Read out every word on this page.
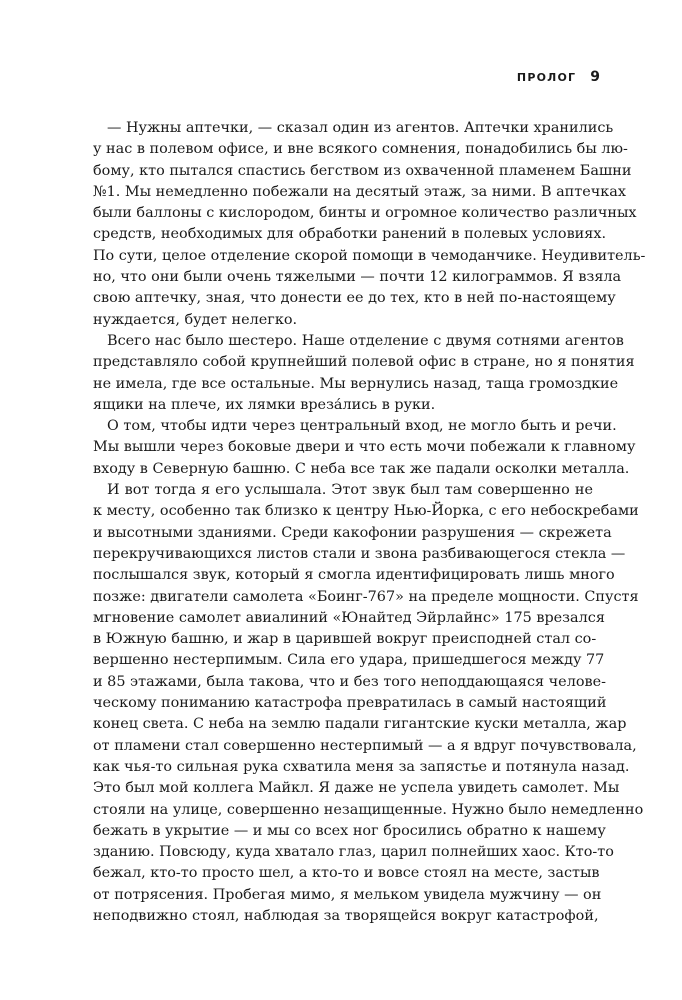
ПРОЛОГ 9
— Нужны аптечки, — сказал один из агентов. Аптечки хранились
у нас в полевом офисе, и вне всякого сомнения, понадобились бы лю-
бому, кто пытался спастись бегством из охваченной пламенем Башни
№1. Мы немедленно побежали на десятый этаж, за ними. В аптечках
были баллоны с кислородом, бинты и огромное количество различных
средств, необходимых для обработки ранений в полевых условиях.
По сути, целое отделение скорой помощи в чемоданчике. Неудивитель-
но, что они были очень тяжелыми — почти 12 килограммов. Я взяла
свою аптечку, зная, что донести ее до тех, кто в ней по-настоящему
нуждается, будет нелегко.
Всего нас было шестеро. Наше отделение с двумя сотнями агентов
представляло собой крупнейший полевой офис в стране, но я понятия
не имела, где все остальные. Мы вернулись назад, таща громоздкие
ящики на плече, их лямки вреза́лись в руки.
О том, чтобы идти через центральный вход, не могло быть и речи.
Мы вышли через боковые двери и что есть мочи побежали к главному
входу в Северную башню. С неба все так же падали осколки металла.
И вот тогда я его услышала. Этот звук был там совершенно не
к месту, особенно так близко к центру Нью-Йорка, с его небоскребами
и высотными зданиями. Среди какофонии разрушения — скрежета
перекручивающихся листов стали и звона разбивающегося стекла —
послышался звук, который я смогла идентифицировать лишь много
позже: двигатели самолета «Боинг-767» на пределе мощности. Спустя
мгновение самолет авиалиний «Юнайтед Эйрлайнс» 175 врезался
в Южную башню, и жар в царившей вокруг преисподней стал со-
вершенно нестерпимым. Сила его удара, пришедшегося между 77
и 85 этажами, была такова, что и без того неподдающаяся челове-
ческому пониманию катастрофа превратилась в самый настоящий
конец света. С неба на землю падали гигантские куски металла, жар
от пламени стал совершенно нестерпимый — а я вдруг почувствовала,
как чья-то сильная рука схватила меня за запястье и потянула назад.
Это был мой коллега Майкл. Я даже не успела увидеть самолет. Мы
стояли на улице, совершенно незащищенные. Нужно было немедленно
бежать в укрытие — и мы со всех ног бросились обратно к нашему
зданию. Повсюду, куда хватало глаз, царил полнейших хаос. Кто-то
бежал, кто-то просто шел, а кто-то и вовсе стоял на месте, застыв
от потрясения. Пробегая мимо, я мельком увидела мужчину — он
неподвижно стоял, наблюдая за творящейся вокруг катастрофой,
